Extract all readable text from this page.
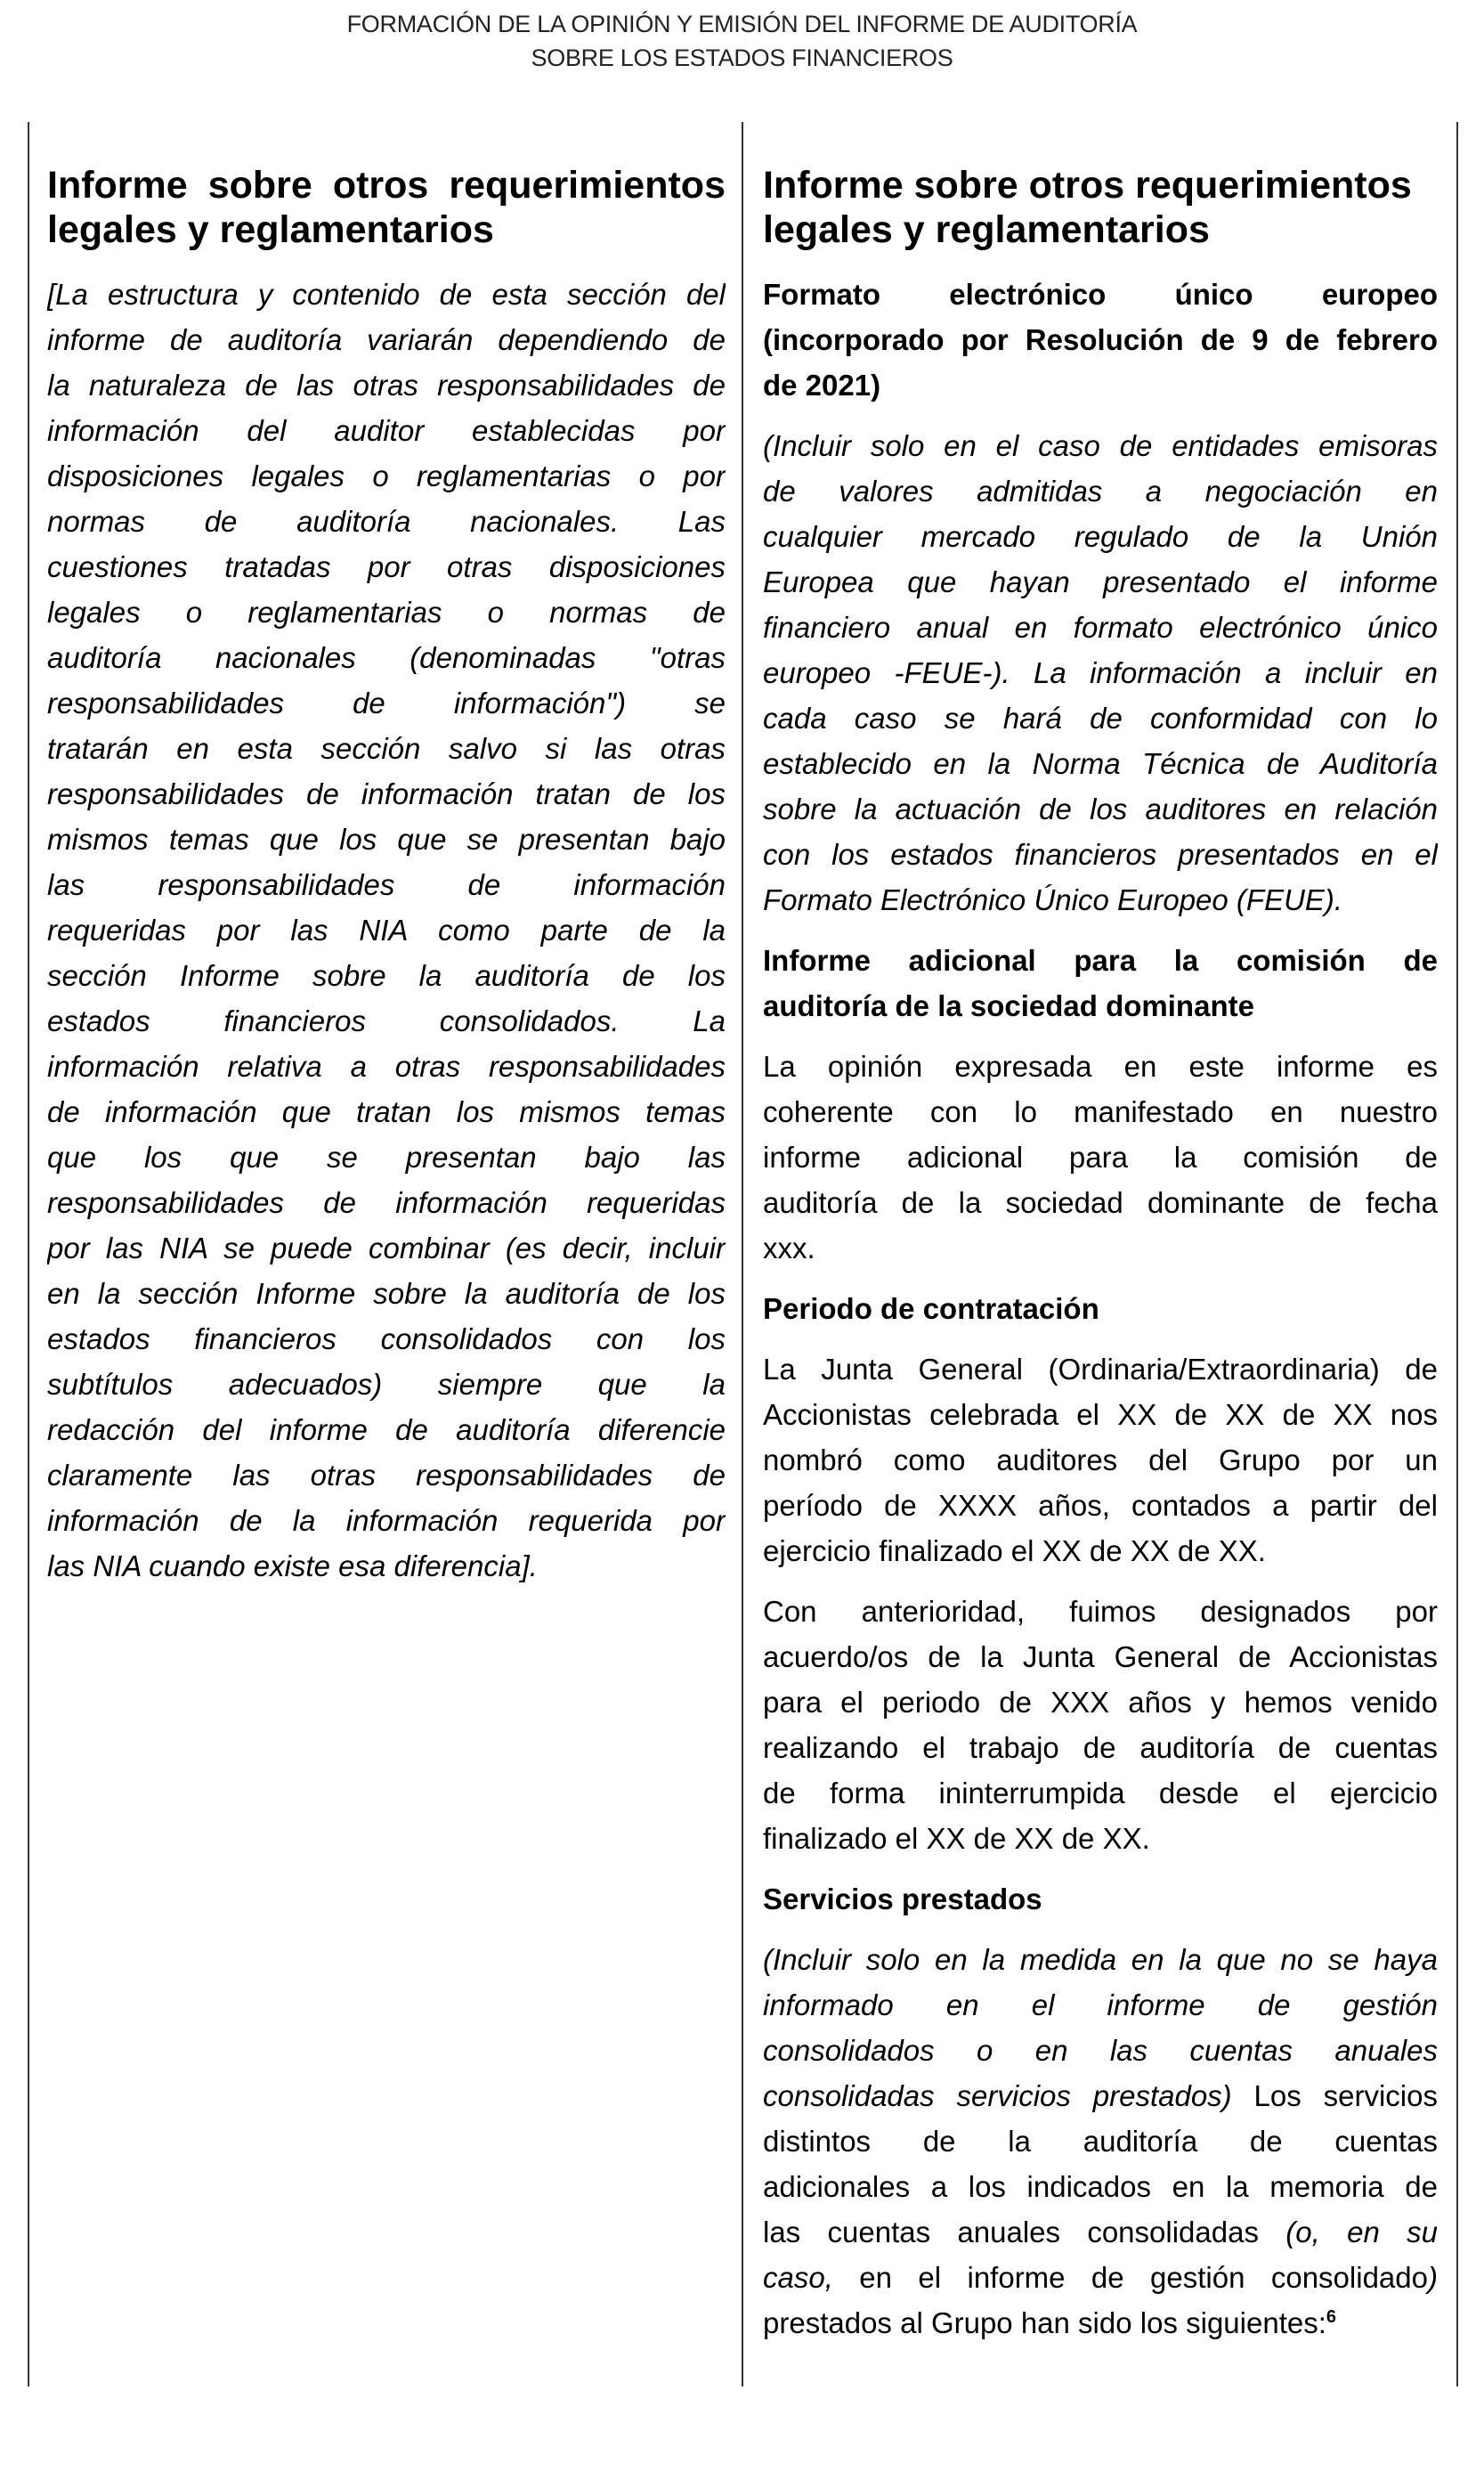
FORMACIÓN DE LA OPINIÓN Y EMISIÓN DEL INFORME DE AUDITORÍA
SOBRE LOS ESTADOS FINANCIEROS
Informe sobre otros requerimientos
legales y reglamentarios
[La estructura y contenido de esta sección del
informe de auditoría variarán dependiendo de
la naturaleza de las otras responsabilidades de
información del auditor establecidas por
disposiciones legales o reglamentarias o por
normas de auditoría nacionales. Las
cuestiones tratadas por otras disposiciones
legales o reglamentarias o normas de
auditoría nacionales (denominadas "otras
responsabilidades de información") se
tratarán en esta sección salvo si las otras
responsabilidades de información tratan de los
mismos temas que los que se presentan bajo
las responsabilidades de información
requeridas por las NIA como parte de la
sección Informe sobre la auditoría de los
estados financieros consolidados. La
información relativa a otras responsabilidades
de información que tratan los mismos temas
que los que se presentan bajo las
responsabilidades de información requeridas
por las NIA se puede combinar (es decir, incluir
en la sección Informe sobre la auditoría de los
estados financieros consolidados con los
subtítulos adecuados) siempre que la
redacción del informe de auditoría diferencie
claramente las otras responsabilidades de
información de la información requerida por
las NIA cuando existe esa diferencia].
Informe sobre otros requerimientos
legales y reglamentarios
Formato electrónico único europeo
(incorporado por Resolución de 9 de febrero
de 2021)
(Incluir solo en el caso de entidades emisoras
de valores admitidas a negociación en
cualquier mercado regulado de la Unión
Europea que hayan presentado el informe
financiero anual en formato electrónico único
europeo -FEUE-). La información a incluir en
cada caso se hará de conformidad con lo
establecido en la Norma Técnica de Auditoría
sobre la actuación de los auditores en relación
con los estados financieros presentados en el
Formato Electrónico Único Europeo (FEUE).
Informe adicional para la comisión de
auditoría de la sociedad dominante
La opinión expresada en este informe es
coherente con lo manifestado en nuestro
informe adicional para la comisión de
auditoría de la sociedad dominante de fecha
xxx.
Periodo de contratación
La Junta General (Ordinaria/Extraordinaria) de
Accionistas celebrada el XX de XX de XX nos
nombró como auditores del Grupo por un
período de XXXX años, contados a partir del
ejercicio finalizado el XX de XX de XX.
Con anterioridad, fuimos designados por
acuerdo/os de la Junta General de Accionistas
para el periodo de XXX años y hemos venido
realizando el trabajo de auditoría de cuentas
de forma ininterrumpida desde el ejercicio
finalizado el XX de XX de XX.
Servicios prestados
(Incluir solo en la medida en la que no se haya
informado en el informe de gestión
consolidados o en las cuentas anuales
consolidadas servicios prestados) Los servicios
distintos de la auditoría de cuentas
adicionales a los indicados en la memoria de
las cuentas anuales consolidadas (o, en su
caso, en el informe de gestión consolidado)
prestados al Grupo han sido los siguientes:$^6$
